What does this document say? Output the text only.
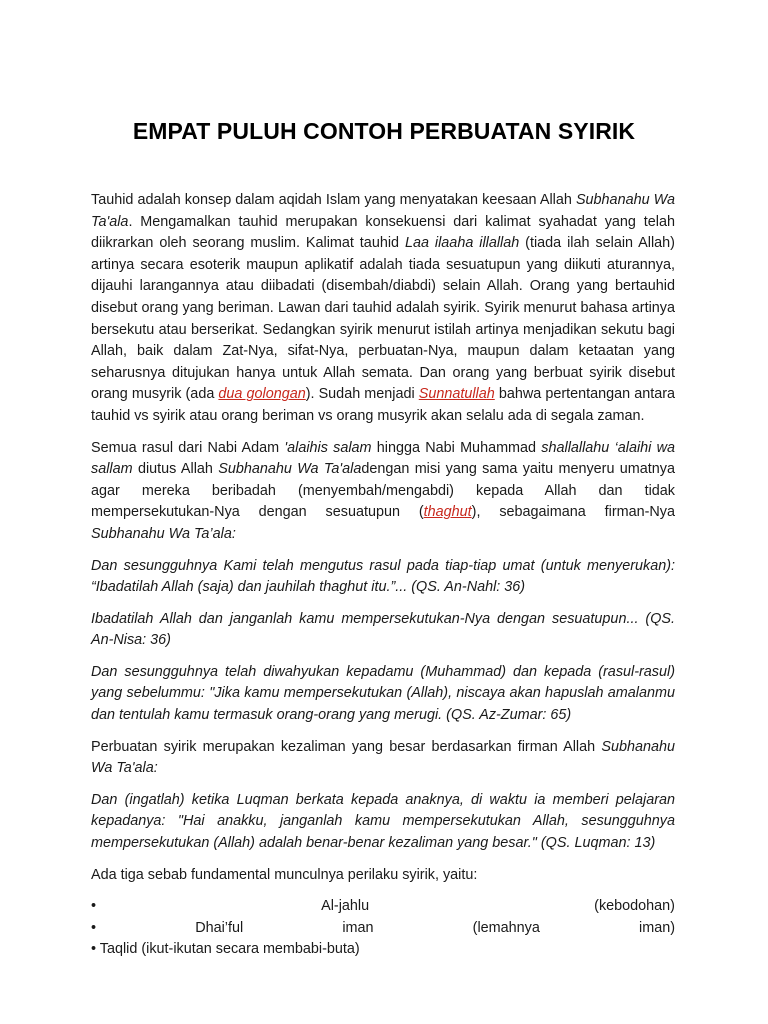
EMPAT PULUH CONTOH PERBUATAN SYIRIK

Tauhid adalah konsep dalam aqidah Islam yang menyatakan keesaan Allah Subhanahu Wa Ta'ala. Mengamalkan tauhid merupakan konsekuensi dari kalimat syahadat yang telah diikrarkan oleh seorang muslim. Kalimat tauhid Laa ilaaha illallah (tiada ilah selain Allah) artinya secara esoterik maupun aplikatif adalah tiada sesuatupun yang diikuti aturannya, dijauhi larangannya atau diibadati (disembah/diabdi) selain Allah. Orang yang bertauhid disebut orang yang beriman. Lawan dari tauhid adalah syirik. Syirik menurut bahasa artinya bersekutu atau berserikat. Sedangkan syirik menurut istilah artinya menjadikan sekutu bagi Allah, baik dalam Zat-Nya, sifat-Nya, perbuatan-Nya, maupun dalam ketaatan yang seharusnya ditujukan hanya untuk Allah semata. Dan orang yang berbuat syirik disebut orang musyrik (ada dua golongan). Sudah menjadi Sunnatullah bahwa pertentangan antara tauhid vs syirik atau orang beriman vs orang musyrik akan selalu ada di segala zaman.

Semua rasul dari Nabi Adam 'alaihis salam hingga Nabi Muhammad shallallahu ‘alaihi wa sallam diutus Allah Subhanahu Wa Ta'aladengan misi yang sama yaitu menyeru umatnya agar mereka beribadah (menyembah/mengabdi) kepada Allah dan tidak mempersekutukan-Nya dengan sesuatupun (thaghut), sebagaimana firman-Nya Subhanahu Wa Ta’ala:

Dan sesungguhnya Kami telah mengutus rasul pada tiap-tiap umat (untuk menyerukan): “Ibadatilah Allah (saja) dan jauhilah thaghut itu.”... (QS. An-Nahl: 36)

Ibadatilah Allah dan janganlah kamu mempersekutukan-Nya dengan sesuatupun... (QS. An-Nisa: 36)

Dan sesungguhnya telah diwahyukan kepadamu (Muhammad) dan kepada (rasul-rasul) yang sebelummu: "Jika kamu mempersekutukan (Allah), niscaya akan hapuslah amalanmu dan tentulah kamu termasuk orang-orang yang merugi. (QS. Az-Zumar: 65)

Perbuatan syirik merupakan kezaliman yang besar berdasarkan firman Allah Subhanahu Wa Ta'ala:

Dan (ingatlah) ketika Luqman berkata kepada anaknya, di waktu ia memberi pelajaran kepadanya: "Hai anakku, janganlah kamu mempersekutukan Allah, sesungguhnya mempersekutukan (Allah) adalah benar-benar kezaliman yang besar." (QS. Luqman: 13)

Ada tiga sebab fundamental munculnya perilaku syirik, yaitu:

•	Al-jahlu	(kebodohan)
•	Dhai’ful	iman	(lemahnya	iman)
• Taqlid (ikut-ikutan secara membabi-buta)
